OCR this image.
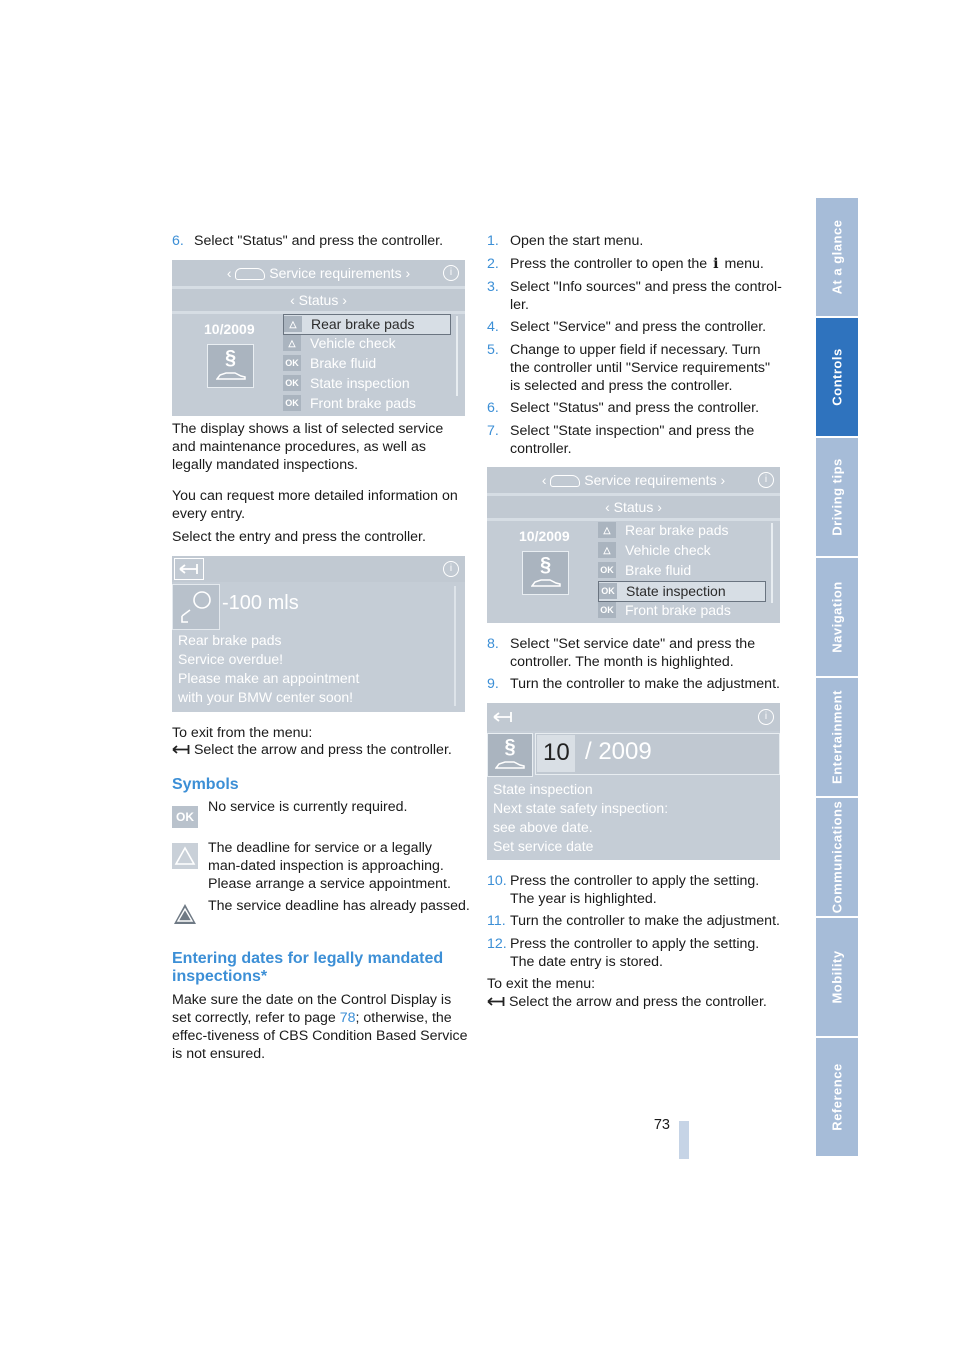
6. Select "Status" and press the controller.
‹  Service requirements ›	i
‹ Status ›
10/2009
§
△	Rear brake pads
△	Vehicle check
OK Brake fluid
OK State inspection
OK Front brake pads

The display shows a list of selected service and maintenance procedures, as well as legally mandated inspections.

You can request more detailed information on every entry.

Select the entry and press the controller.

i
-100 mls
Rear brake pads
Service overdue!
Please make an appointment
with your BMW center soon!
To exit from the menu:
Select the arrow and press the controller.
Symbols
OK
No service is currently required.
The deadline for service or a legally man-dated inspection is approaching. Please arrange a service appointment.
The service deadline has already passed.
Entering dates for legally mandated inspections*

Make sure the date on the Control Display is set correctly, refer to page 78; otherwise, the effec-tiveness of CBS Condition Based Service is not ensured.

1. Open the start menu.
2. Press the controller to open the i menu.
3. Select "Info sources" and press the control-ler.
4. Select "Service" and press the controller.
5. Change to upper field if necessary. Turn the controller until "Service requirements" is selected and press the controller.
6. Select "Status" and press the controller.
7. Select "State inspection" and press the controller.
‹  Service requirements ›	i
‹ Status ›
10/2009
§
△	Rear brake pads
△	Vehicle check
OK Brake fluid
OK State inspection
OK Front brake pads
8. Select "Set service date" and press the controller. The month is highlighted.
9. Turn the controller to make the adjustment.
i
§	10 / 2009
State inspection
Next state safety inspection:
see above date.
Set service date
10. Press the controller to apply the setting. The year is highlighted.
11. Turn the controller to make the adjustment.
12. Press the controller to apply the setting. The date entry is stored.
To exit the menu:
Select the arrow and press the controller.
73
At a glance
Controls
Driving tips
Navigation
Entertainment
Communications
Mobility
Reference
